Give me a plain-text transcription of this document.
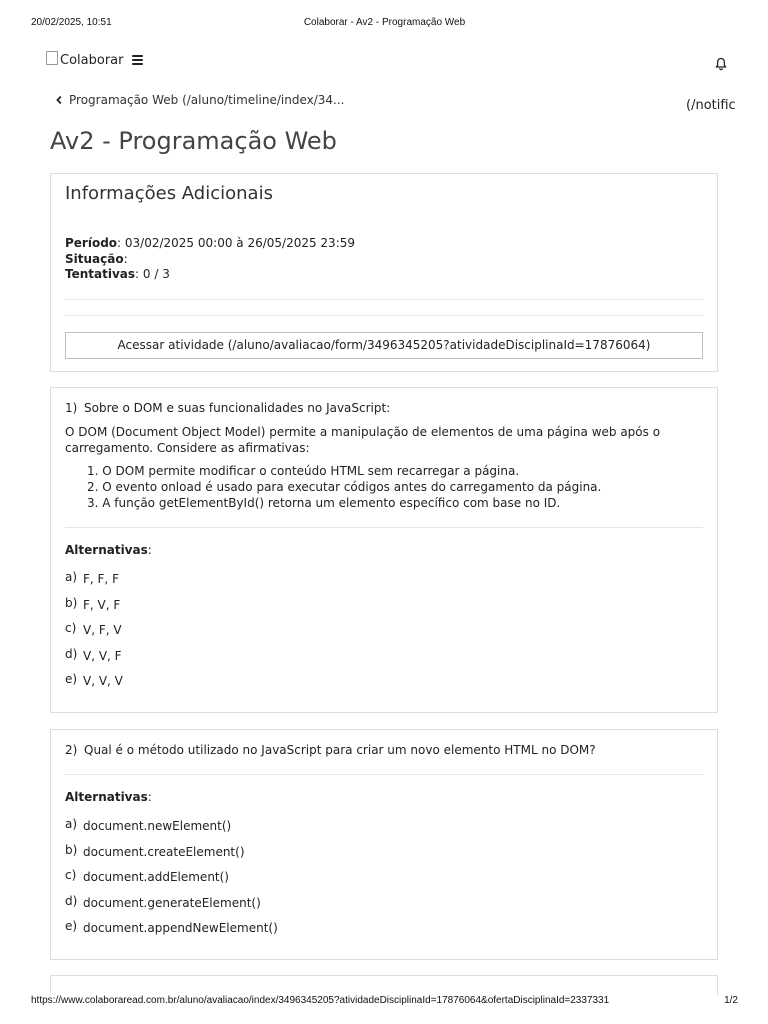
20/02/2025, 10:51	Colaborar - Av2 - Programação Web
Colaborar
Programação Web (/aluno/timeline/index/34...	(/notific
Av2 - Programação Web
Informações Adicionais
Período: 03/02/2025 00:00 à 26/05/2025 23:59
Situação:
Tentativas: 0 / 3
Acessar atividade (/aluno/avaliacao/form/3496345205?atividadeDisciplinaId=17876064)
1) Sobre o DOM e suas funcionalidades no JavaScript:
O DOM (Document Object Model) permite a manipulação de elementos de uma página web após o carregamento. Considere as afirmativas:
1. O DOM permite modificar o conteúdo HTML sem recarregar a página.
2. O evento onload é usado para executar códigos antes do carregamento da página.
3. A função getElementById() retorna um elemento específico com base no ID.
Alternativas:
a) F, F, F
b) F, V, F
c) V, F, V
d) V, V, F
e) V, V, V
2) Qual é o método utilizado no JavaScript para criar um novo elemento HTML no DOM?
Alternativas:
a) document.newElement()
b) document.createElement()
c) document.addElement()
d) document.generateElement()
e) document.appendNewElement()
https://www.colaboraread.com.br/aluno/avaliacao/index/3496345205?atividadeDisciplinaId=17876064&ofertaDisciplinaId=2337331	1/2
